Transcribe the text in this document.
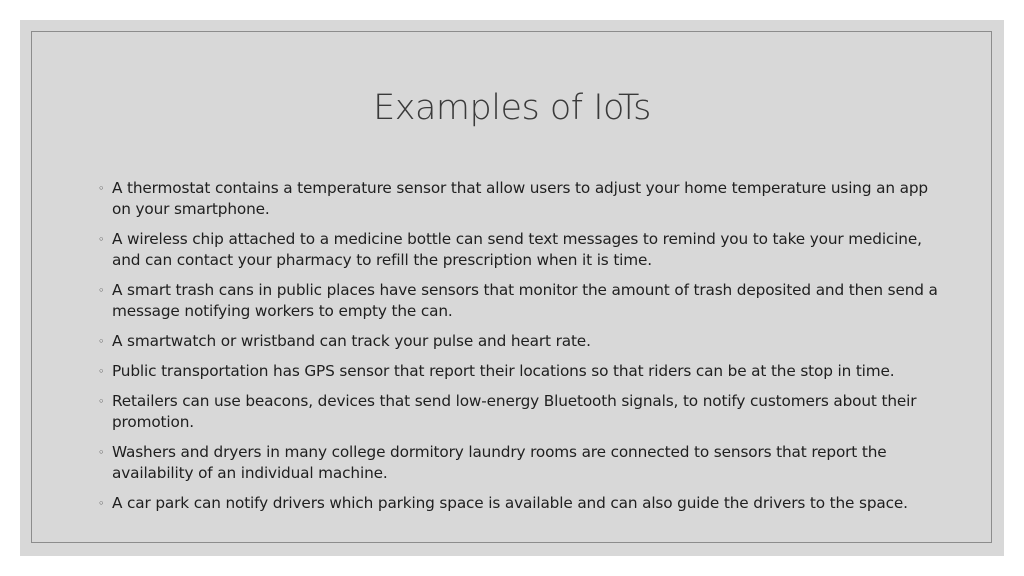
Examples of IoTs
◦ A thermostat contains a temperature sensor that allow users to adjust your home temperature using an app on your smartphone.
◦ A wireless chip attached to a medicine bottle can send text messages to remind you to take your medicine, and can contact your pharmacy to refill the prescription when it is time.
◦ A smart trash cans in public places have sensors that monitor the amount of trash deposited and then send a message notifying workers to empty the can.
◦ A smartwatch or wristband can track your pulse and heart rate.
◦ Public transportation has GPS sensor that report their locations so that riders can be at the stop in time.
◦ Retailers can use beacons, devices that send low-energy Bluetooth signals, to notify customers about their promotion.
◦ Washers and dryers in many college dormitory laundry rooms are connected to sensors that report the availability of an individual machine.
◦ A car park can notify drivers which parking space is available and can also guide the drivers to the space.
